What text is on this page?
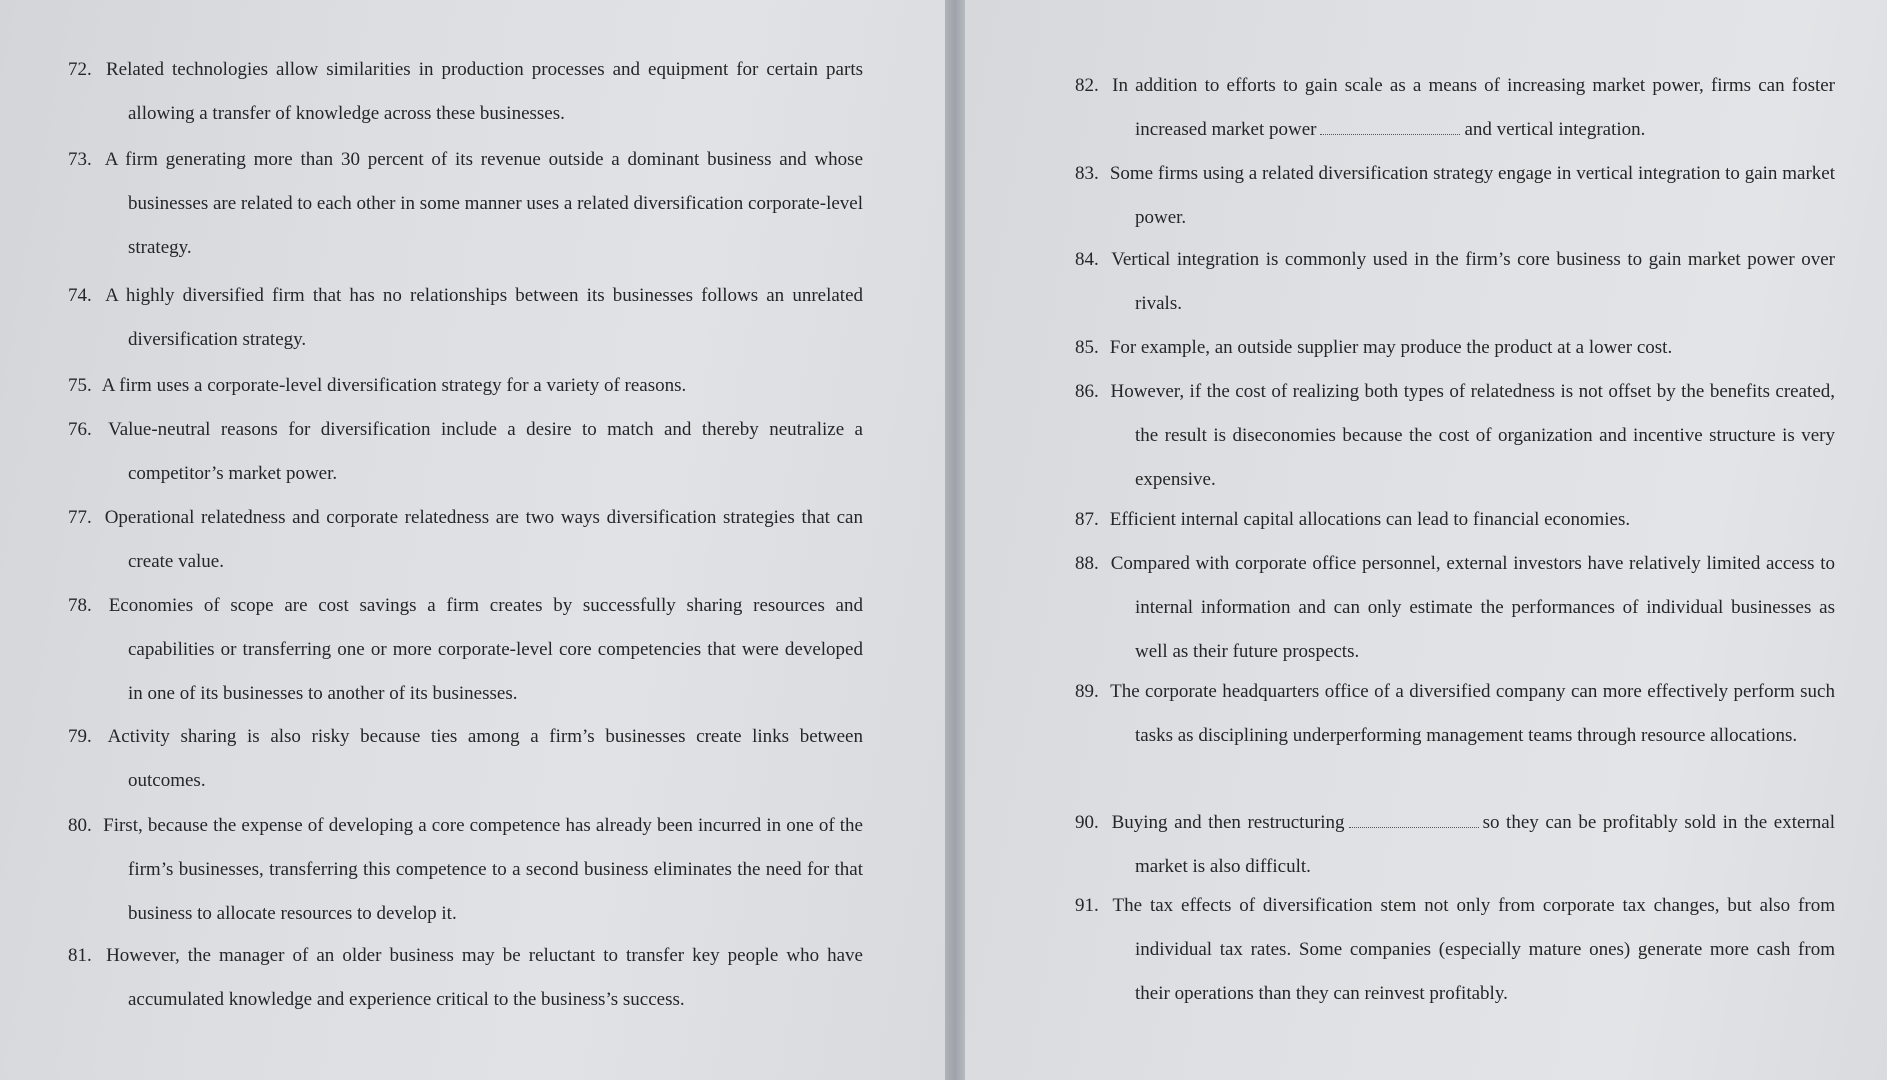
72. Related technologies allow similarities in production processes and equipment for certain parts allowing a transfer of knowledge across these businesses.

73. A firm generating more than 30 percent of its revenue outside a dominant business and whose businesses are related to each other in some manner uses a related diversification corporate-level strategy.

74. A highly diversified firm that has no relationships between its businesses follows an unrelated diversification strategy.

75. A firm uses a corporate-level diversification strategy for a variety of reasons.

76. Value-neutral reasons for diversification include a desire to match and thereby neutralize a competitor’s market power.

77. Operational relatedness and corporate relatedness are two ways diversification strategies that can create value.

78. Economies of scope are cost savings a firm creates by successfully sharing resources and capabilities or transferring one or more corporate-level core competencies that were developed in one of its businesses to another of its businesses.

79. Activity sharing is also risky because ties among a firm’s businesses create links between outcomes.

80. First, because the expense of developing a core competence has already been incurred in one of the firm’s businesses, transferring this competence to a second business eliminates the need for that business to allocate resources to develop it.

81. However, the manager of an older business may be reluctant to transfer key people who have accumulated knowledge and experience critical to the business’s success.

82. In addition to efforts to gain scale as a means of increasing market power, firms can foster increased market power	and vertical integration.

83. Some firms using a related diversification strategy engage in vertical integration to gain market power.

84. Vertical integration is commonly used in the firm’s core business to gain market power over rivals.

85. For example, an outside supplier may produce the product at a lower cost.

86. However, if the cost of realizing both types of relatedness is not offset by the benefits created, the result is diseconomies because the cost of organization and incentive structure is very expensive.

87. Efficient internal capital allocations can lead to financial economies.

88. Compared with corporate office personnel, external investors have relatively limited access to internal information and can only estimate the performances of individual businesses as well as their future prospects.

89. The corporate headquarters office of a diversified company can more effectively perform such tasks as disciplining underperforming management teams through resource allocations.

90. Buying and then restructuring	so they can be profitably sold in the external market is also difficult.

91. The tax effects of diversification stem not only from corporate tax changes, but also from individual tax rates. Some companies (especially mature ones) generate more cash from their operations than they can reinvest profitably.
